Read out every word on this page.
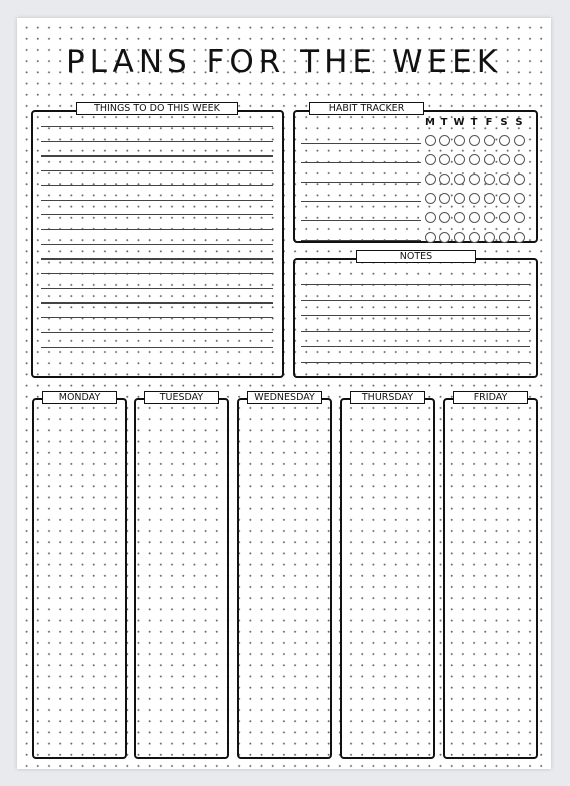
PLANS FOR THE WEEK
THINGS TO DO THIS WEEK	HABIT TRACKER
M T W T F S S
NOTES
MONDAY	TUESDAY	WEDNESDAY	THURSDAY	FRIDAY
